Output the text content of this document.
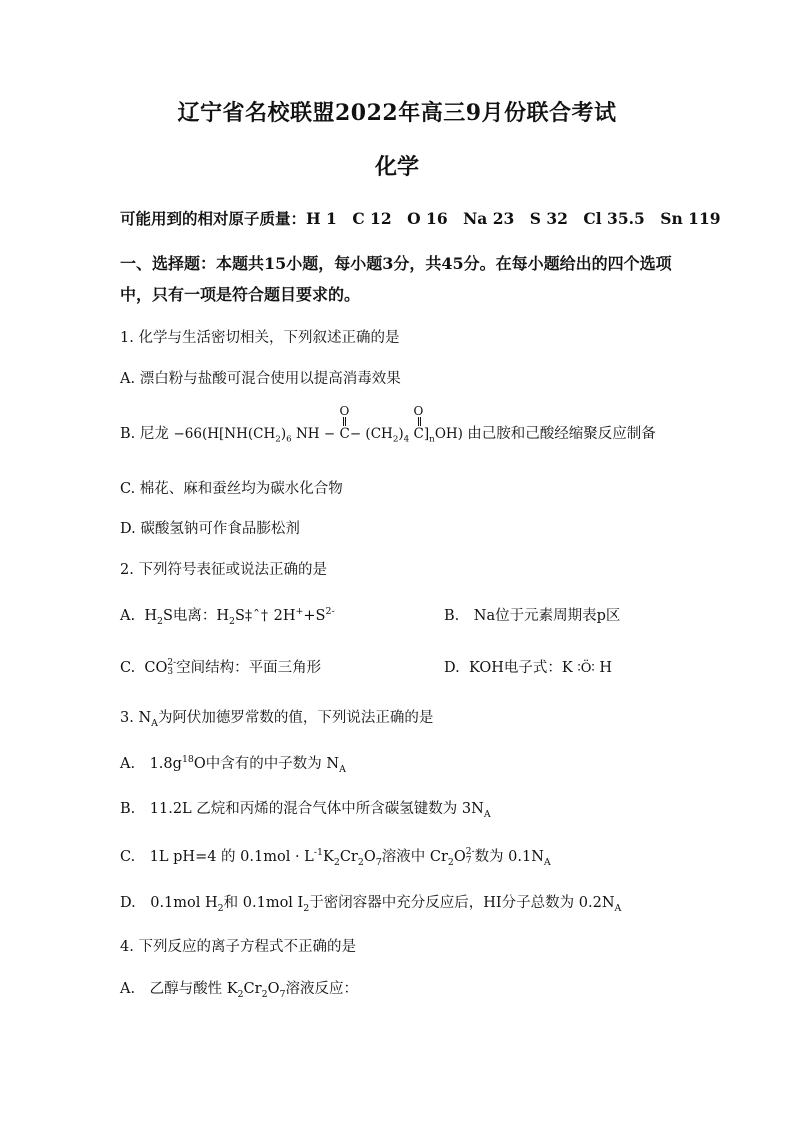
辽宁省名校联盟2022年高三9月份联合考试
化学
可能用到的相对原子质量：H 1　C 12　O 16　Na 23　S 32　Cl 35.5　Sn 119
一、选择题：本题共15小题，每小题3分，共45分。在每小题给出的四个选项中，只有一项是符合题目要求的。
1. 化学与生活密切相关，下列叙述正确的是
A. 漂白粉与盐酸可混合使用以提高消毒效果
B. 尼龙 $-66(H[NH(CH_2)_6$ NH −
O
$C- (CH_2)_4$
O
$C]_nOH$) 由己胺和己酸经缩聚反应制备
C. 棉花、麻和蚕丝均为碳水化合物
D. 碳酸氢钠可作食品膨松剂
2. 下列符号表征或说法正确的是
A. $H_2S$电离：$H_2S\ddagger ˆ\dagger$ $2H^++S^{2-}$	B.　Na位于元素周期表p区
C. CO 2-
3 空间结构：平面三角形	D. KOH电子式：K ∶Ö∶ H
3. $N_A$为阿伏加德罗常数的值，下列说法正确的是
A.　$1.8g^{18}O$中含有的中子数为 $N_A$
B.　11.2L 乙烷和丙烯的混合气体中所含碳氢键数为 $3N_A$
C.　1L pH=4 的 $0.1mol \cdot L^{-1}K_2Cr_2O_7$溶液中 $Cr_2O$ 2-
7 数为 $0.1N_A$
D.　0.1mol $H_2$和 0.1mol $I_2$于密闭容器中充分反应后，HI分子总数为 $0.2N_A$
4. 下列反应的离子方程式不正确的是
A.　乙醇与酸性 $K_2Cr_2O_7$溶液反应：
